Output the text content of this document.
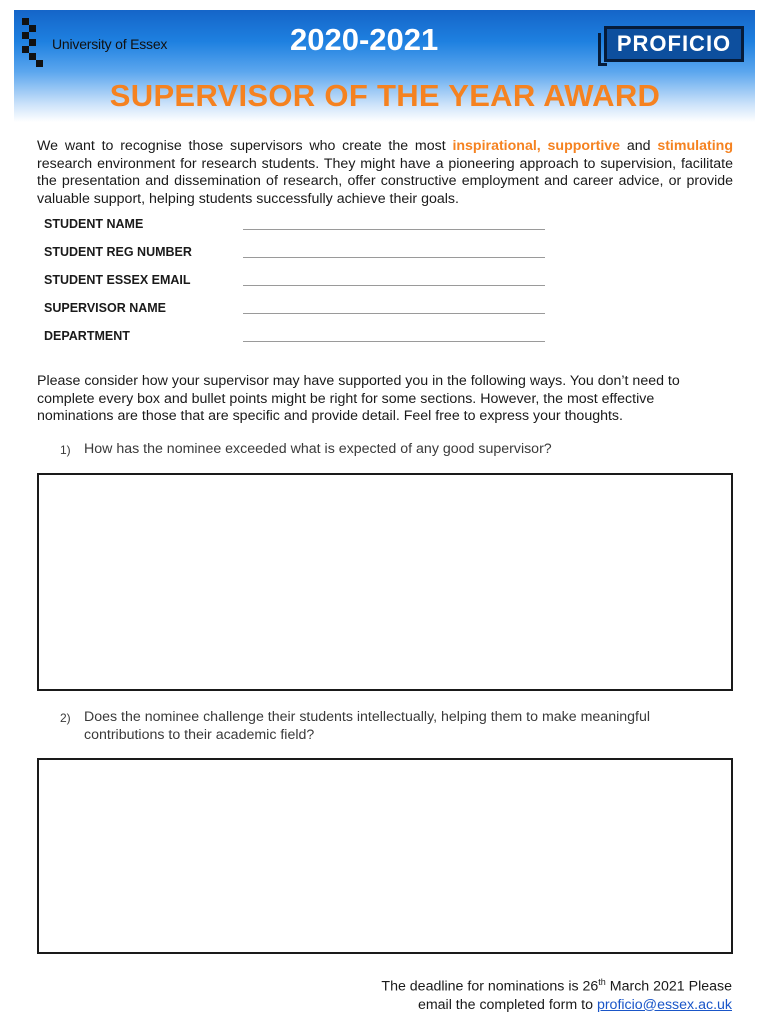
University of Essex	2020-2021	PROFICIO
SUPERVISOR OF THE YEAR AWARD
We want to recognise those supervisors who create the most inspirational, supportive and stimulating research environment for research students. They might have a pioneering approach to supervision, facilitate the presentation and dissemination of research, offer constructive employment and career advice, or provide valuable support, helping students successfully achieve their goals.
STUDENT NAME
STUDENT REG NUMBER
STUDENT ESSEX EMAIL
SUPERVISOR NAME
DEPARTMENT
Please consider how your supervisor may have supported you in the following ways. You don’t need to complete every box and bullet points might be right for some sections. However, the most effective nominations are those that are specific and provide detail. Feel free to express your thoughts.
1) How has the nominee exceeded what is expected of any good supervisor?
2) Does the nominee challenge their students intellectually, helping them to make meaningful contributions to their academic field?
The deadline for nominations is 26th March 2021 Please
email the completed form to proficio@essex.ac.uk
